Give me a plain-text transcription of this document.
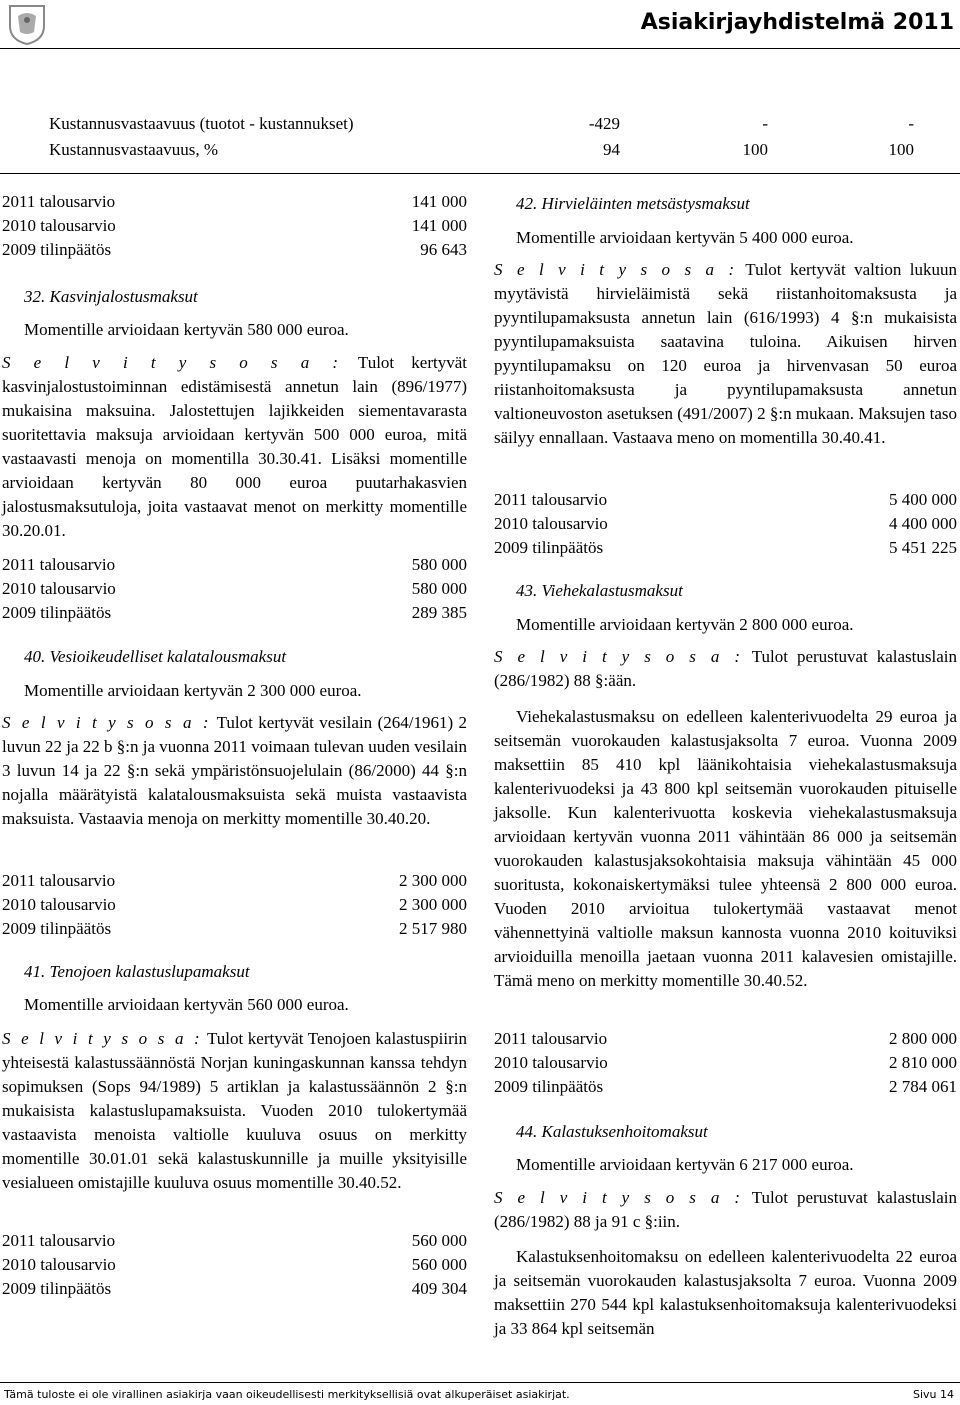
Asiakirjayhdistelmä 2011
Kustannusvastaavuus (tuotot - kustannukset)	-429	-	-
Kustannusvastaavuus, %	94	100	100
2011 talousarvio	141 000
2010 talousarvio	141 000
2009 tilinpäätös	96 643
32. Kasvinjalostusmaksut
Momentille arvioidaan kertyvän 580 000 euroa.
S e l v i t y s o s a : Tulot kertyvät kasvinjalostustoiminnan edistämisestä annetun lain (896/1977) mukaisina maksuina. Jalostettujen lajikkeiden siementavarasta suoritettavia maksuja arvioidaan kertyvän 500 000 euroa, mitä vastaavasti menoja on momentilla 30.30.41. Lisäksi momentille arvioidaan kertyvän 80 000 euroa puutarhakasvien jalostusmaksutuloja, joita vastaavat menot on merkitty momentille 30.20.01.
2011 talousarvio	580 000
2010 talousarvio	580 000
2009 tilinpäätös	289 385
40. Vesioikeudelliset kalatalousmaksut
Momentille arvioidaan kertyvän 2 300 000 euroa.
S e l v i t y s o s a : Tulot kertyvät vesilain (264/1961) 2 luvun 22 ja 22 b §:n ja vuonna 2011 voimaan tulevan uuden vesilain 3 luvun 14 ja 22 §:n sekä ympäristönsuojelulain (86/2000) 44 §:n nojalla määrätyistä kalatalousmaksuista sekä muista vastaavista maksuista. Vastaavia menoja on merkitty momentille 30.40.20.
2011 talousarvio	2 300 000
2010 talousarvio	2 300 000
2009 tilinpäätös	2 517 980
41. Tenojoen kalastuslupamaksut
Momentille arvioidaan kertyvän 560 000 euroa.
S e l v i t y s o s a : Tulot kertyvät Tenojoen kalastuspiirin yhteisestä kalastussäännöstä Norjan kuningaskunnan kanssa tehdyn sopimuksen (Sops 94/1989) 5 artiklan ja kalastussäännön 2 §:n mukaisista kalastuslupamaksuista. Vuoden 2010 tulokertymää vastaavista menoista valtiolle kuuluva osuus on merkitty momentille 30.01.01 sekä kalastuskunnille ja muille yksityisille vesialueen omistajille kuuluva osuus momentille 30.40.52.
2011 talousarvio	560 000
2010 talousarvio	560 000
2009 tilinpäätös	409 304
42. Hirvieläinten metsästysmaksut
Momentille arvioidaan kertyvän 5 400 000 euroa.
S e l v i t y s o s a : Tulot kertyvät valtion lukuun myytävistä hirvieläimistä sekä riistanhoitomaksusta ja pyyntilupamaksusta annetun lain (616/1993) 4 §:n mukaisista pyyntilupamaksuista saatavina tuloina. Aikuisen hirven pyyntilupamaksu on 120 euroa ja hirvenvasan 50 euroa riistanhoitomaksusta ja pyyntilupamaksusta annetun valtioneuvoston asetuksen (491/2007) 2 §:n mukaan. Maksujen taso säilyy ennallaan. Vastaava meno on momentilla 30.40.41.
2011 talousarvio	5 400 000
2010 talousarvio	4 400 000
2009 tilinpäätös	5 451 225
43. Viehekalastusmaksut
Momentille arvioidaan kertyvän 2 800 000 euroa.
S e l v i t y s o s a : Tulot perustuvat kalastuslain (286/1982) 88 §:ään.
Viehekalastusmaksu on edelleen kalenterivuodelta 29 euroa ja seitsemän vuorokauden kalastusjaksolta 7 euroa. Vuonna 2009 maksettiin 85 410 kpl läänikohtaisia viehekalastusmaksuja kalenterivuodeksi ja 43 800 kpl seitsemän vuorokauden pituiselle jaksolle. Kun kalenterivuotta koskevia viehekalastusmaksuja arvioidaan kertyvän vuonna 2011 vähintään 86 000 ja seitsemän vuorokauden kalastusjaksokohtaisia maksuja vähintään 45 000 suoritusta, kokonaiskertymäksi tulee yhteensä 2 800 000 euroa. Vuoden 2010 arvioitua tulokertymää vastaavat menot vähennettyinä valtiolle maksun kannosta vuonna 2010 koituviksi arvioiduilla menoilla jaetaan vuonna 2011 kalavesien omistajille. Tämä meno on merkitty momentille 30.40.52.
2011 talousarvio	2 800 000
2010 talousarvio	2 810 000
2009 tilinpäätös	2 784 061
44. Kalastuksenhoitomaksut
Momentille arvioidaan kertyvän 6 217 000 euroa.
S e l v i t y s o s a : Tulot perustuvat kalastuslain (286/1982) 88 ja 91 c §:iin.
Kalastuksenhoitomaksu on edelleen kalenterivuodelta 22 euroa ja seitsemän vuorokauden kalastusjaksolta 7 euroa. Vuonna 2009 maksettiin 270 544 kpl kalastuksenhoitomaksuja kalenterivuodeksi ja 33 864 kpl seitsemän
Tämä tuloste ei ole virallinen asiakirja vaan oikeudellisesti merkityksellisiä ovat alkuperäiset asiakirjat.	Sivu 14
